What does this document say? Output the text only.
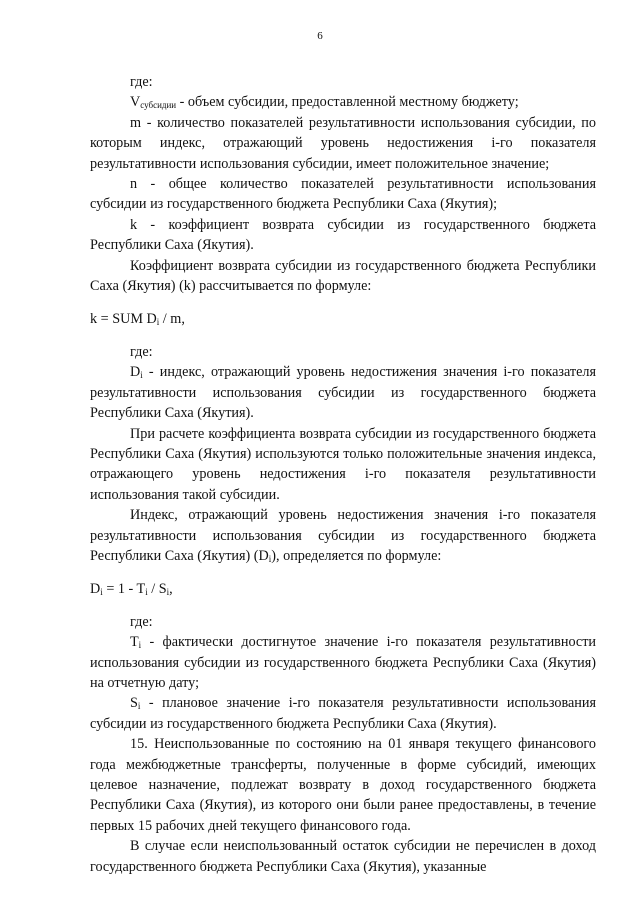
6

где:

$V_{субсидии}$ - объем субсидии, предоставленной местному бюджету;

m - количество показателей результативности использования субсидии, по которым индекс, отражающий уровень недостижения i-го показателя результативности использования субсидии, имеет положительное значение;

n - общее количество показателей результативности использования субсидии из государственного бюджета Республики Саха (Якутия);

k - коэффициент возврата субсидии из государственного бюджета Республики Саха (Якутия).

Коэффициент возврата субсидии из государственного бюджета Республики Саха (Якутия) (k) рассчитывается по формуле:

k = SUM $D_i$ / m,

где:

$D_i$ - индекс, отражающий уровень недостижения значения i-го показателя результативности использования субсидии из государственного бюджета Республики Саха (Якутия).

При расчете коэффициента возврата субсидии из государственного бюджета Республики Саха (Якутия) используются только положительные значения индекса, отражающего уровень недостижения i-го показателя результативности использования такой субсидии.

Индекс, отражающий уровень недостижения значения i-го показателя результативности использования субсидии из государственного бюджета Республики Саха (Якутия) $(D_i)$, определяется по формуле:

$D_i = 1 - T_i / S_i$,

где:

$T_i$ - фактически достигнутое значение i-го показателя результативности использования субсидии из государственного бюджета Республики Саха (Якутия) на отчетную дату;

$S_i$ - плановое значение i-го показателя результативности использования субсидии из государственного бюджета Республики Саха (Якутия).

15. Неиспользованные по состоянию на 01 января текущего финансового года межбюджетные трансферты, полученные в форме субсидий, имеющих целевое назначение, подлежат возврату в доход государственного бюджета Республики Саха (Якутия), из которого они были ранее предоставлены, в течение первых 15 рабочих дней текущего финансового года.

В случае если неиспользованный остаток субсидии не перечислен в доход государственного бюджета Республики Саха (Якутия), указанные
